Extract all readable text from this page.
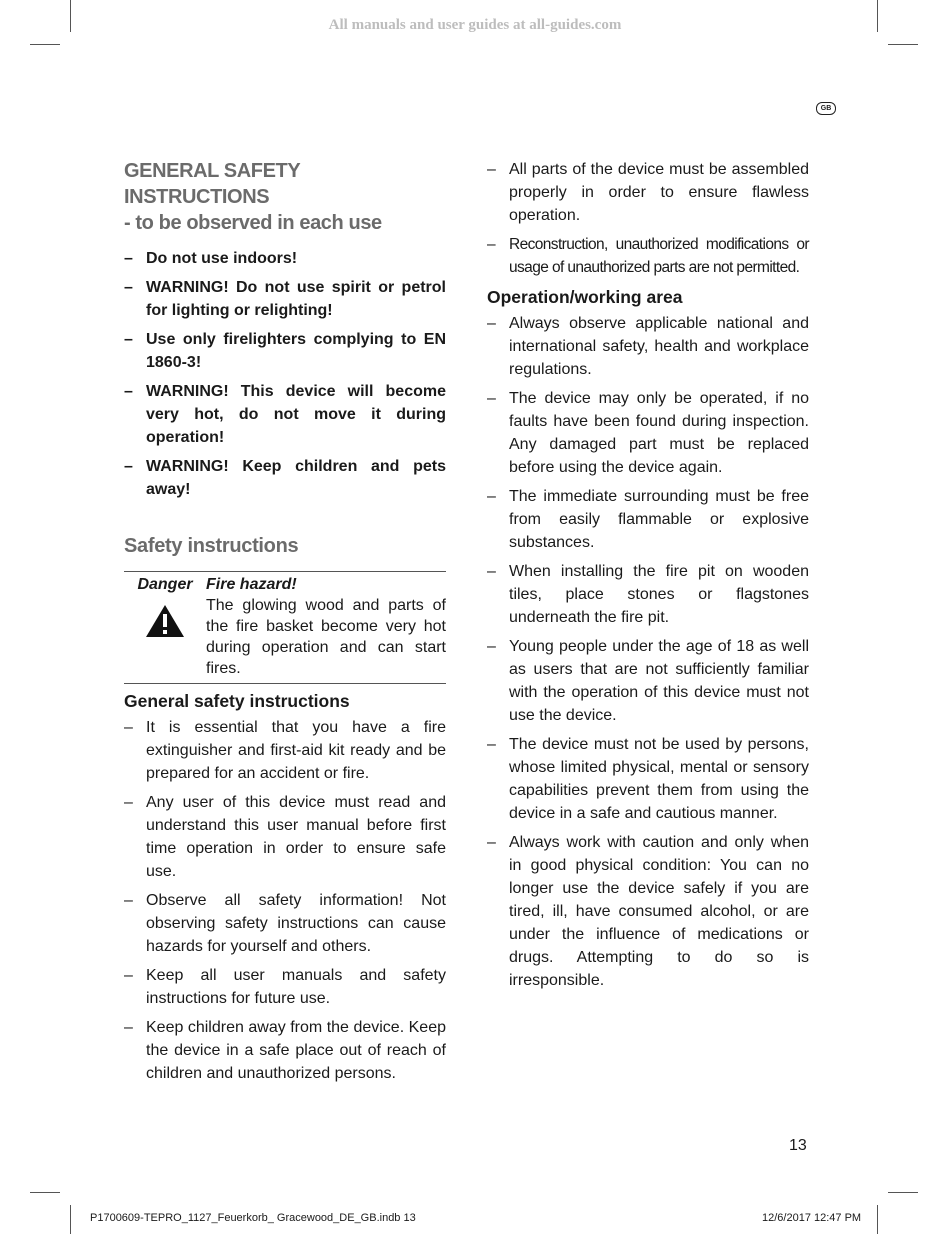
All manuals and user guides at all-guides.com
GB
GENERAL SAFETY INSTRUCTIONS
- to be observed in each use
– Do not use indoors!
– WARNING! Do not use spirit or petrol for lighting or relighting!
– Use only firelighters complying to EN 1860-3!
– WARNING! This device will become very hot, do not move it during operation!
– WARNING! Keep children and pets away!
Safety instructions
Danger Fire hazard!
The glowing wood and parts of the fire basket become very hot during operation and can start fires.
General safety instructions
– It is essential that you have a fire extinguisher and first-aid kit ready and be prepared for an accident or fire.
– Any user of this device must read and understand this user manual before first time operation in order to ensure safe use.
– Observe all safety information! Not observing safety instructions can cause hazards for yourself and others.
– Keep all user manuals and safety instructions for future use.
– Keep children away from the device. Keep the device in a safe place out of reach of children and unauthorized persons.
– All parts of the device must be assembled properly in order to ensure flawless operation.
– Reconstruction, unauthorized modifications or usage of unauthorized parts are not permitted.
Operation/working area
– Always observe applicable national and international safety, health and workplace regulations.
– The device may only be operated, if no faults have been found during inspection. Any damaged part must be replaced before using the device again.
– The immediate surrounding must be free from easily flammable or explosive substances.
– When installing the fire pit on wooden tiles, place stones or flagstones underneath the fire pit.
– Young people under the age of 18 as well as users that are not sufficiently familiar with the operation of this device must not use the device.
– The device must not be used by persons, whose limited physical, mental or sensory capabilities prevent them from using the device in a safe and cautious manner.
– Always work with caution and only when in good physical condition: You can no longer use the device safely if you are tired, ill, have consumed alcohol, or are under the influence of medications or drugs. Attempting to do so is irresponsible.
13
P1700609-TEPRO_1127_Feuerkorb_ Gracewood_DE_GB.indb 13	12/6/2017 12:47 PM
